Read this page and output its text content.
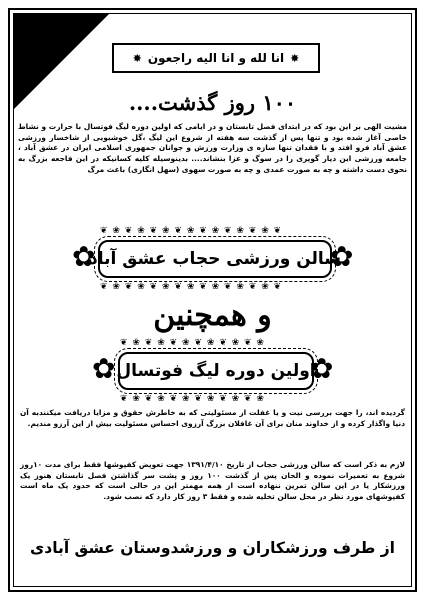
✸
انا لله و انا الیه راجعون
✸
۱۰۰ روز گذشت....
مشیت الهی بر این بود که در ابتدای فصل تابستان و در ایامی که اولین دوره لیگ فوتسال با حرارت و نشاط خاصی آغاز شده بود و تنها پس از گذشت سه هفته از شروع این لیگ ،گل خوشبویی از شاخسار ورزشی عشق آباد فرو افتد و با فقدان تنها سازه ی وزارت ورزش و جوانان جمهوری اسلامی ایران در عشق آباد ، جامعه ورزشی این دیار گوپری را در سوگ و عزا بنشاند.... بدینوسیله کلیه کسانیکه در این فاجعه بزرگ به نحوی دست داشته و چه به صورت عمدی و چه به صورت سهوی (سهل انگاری) باعث مرگ
❦ ❀ ❦ ❀ ❦ ❀ ❦ ❀ ❦ ❀ ❦ ❀ ❦ ❀ ❦
✿
سالن ورزشی حجاب عشق آباد
✿
❦ ❀ ❦ ❀ ❦ ❀ ❦ ❀ ❦ ❀ ❦ ❀ ❦ ❀ ❦
و همچنین
❦ ❀ ❦ ❀ ❦ ❀ ❦ ❀ ❦ ❀ ❦ ❀
✿ اولین دوره لیگ فوتسال
✿
❦ ❀ ❦ ❀ ❦ ❀ ❦ ❀ ❦ ❀ ❦ ❀
گردیده اند، را جهت بررسی نیت و یا غفلت از مسئولیتی که به خاطرش حقوق و مزایا دریافت میکنندبه آن دنیا واگذار کرده و از خداوند منان برای آن غافلان بزرگ آرزوی احساس مسئولیت بیش از این آرزو مندیم.
لازم به ذکر است که سالن ورزشی حجاب از تاریخ ۱۳۹۱/۴/۱۰ جهت تعویض کفپوشها فقط برای مدت ۱۰روز شروع به تعمیرات نموده و الحان پس از گذشت ۱۰۰ روز و پشت سر گذاشتن فصل تابستان هنوز یک ورزشکار یا در این سالن تمرین ننهاده است از همه مهمتر این در حالی است که حدود یک ماه است کفپوشهای مورد نظر در محل سالن تخلیه شده و فقط ۳ روز کار دارد که نصب شود.
از طرف ورزشکاران و ورزشدوستان عشق آبادی
